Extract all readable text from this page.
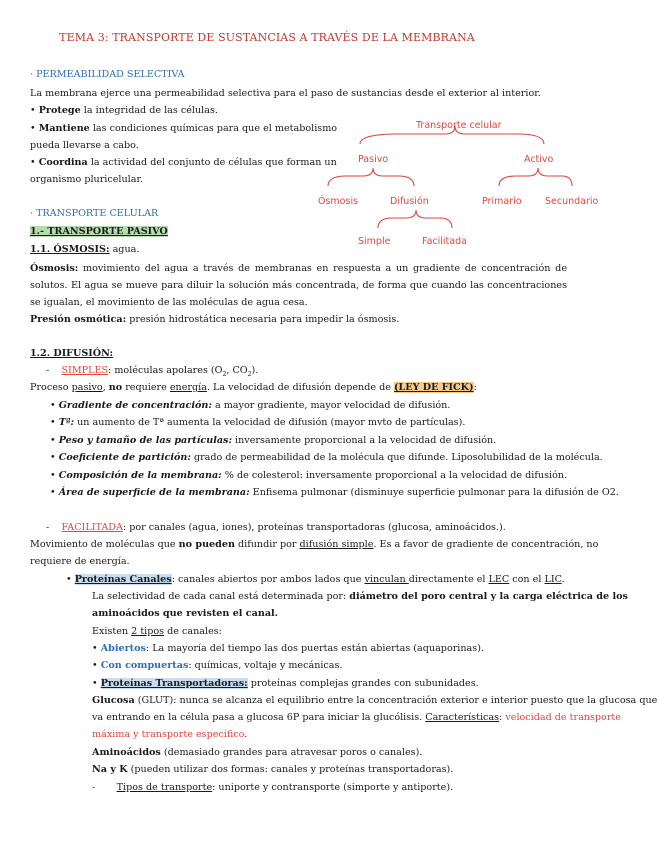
TEMA 3: TRANSPORTE DE SUSTANCIAS A TRAVÉS DE LA MEMBRANA
· PERMEABILIDAD SELECTIVA
La membrana ejerce una permeabilidad selectiva para el paso de sustancias desde el exterior al interior.
• Protege la integridad de las células.
• Mantiene las condiciones químicas para que el metabolismo
pueda llevarse a cabo.
• Coordina la actividad del conjunto de células que forman un
organismo pluricelular.
Transporte celular
Pasivo	Activo
Ósmosis	Difusión	Primario Secundario
Simple	Facilitada
· TRANSPORTE CELULAR
1.- TRANSPORTE PASIVO
1.1. ÓSMOSIS: agua.
Ósmosis: movimiento del agua a través de membranas en respuesta a un gradiente de concentración de solutos. El agua se mueve para diluir la solución más concentrada, de forma que cuando las concentraciones se igualan, el movimiento de las moléculas de agua cesa.
Presión osmótica: presión hidrostática necesaria para impedir la ósmosis.
1.2. DIFUSIÓN:
-    SIMPLES: moléculas apolares ($O_2$, $CO_2$).
Proceso pasivo, no requiere energía. La velocidad de difusión depende de (LEY DE FICK):
• Gradiente de concentración: a mayor gradiente, mayor velocidad de difusión.
• Tª: un aumento de Tª aumenta la velocidad de difusión (mayor mvto de partículas).
• Peso y tamaño de las partículas: inversamente proporcional a la velocidad de difusión.
• Coeficiente de partición: grado de permeabilidad de la molécula que difunde. Liposolubilidad de la molécula.
• Composición de la membrana: % de colesterol: inversamente proporcional a la velocidad de difusión.
• Área de superficie de la membrana: Enfisema pulmonar (disminuye superficie pulmonar para la difusión de O2.
-    FACILITADA: por canales (agua, iones), proteínas transportadoras (glucosa, aminoácidos.).
Movimiento de moléculas que no pueden difundir por difusión simple. Es a favor de gradiente de concentración, no
requiere de energía.
• Proteínas Canales: canales abiertos por ambos lados que vinculan directamente el LEC con el LIC.
La selectividad de cada canal está determinada por: diámetro del poro central y la carga eléctrica de los
aminoácidos que revisten el canal.
Existen 2 tipos de canales:
• Abiertos: La mayoría del tiempo las dos puertas están abiertas (aquaporinas).
• Con compuertas: químicas, voltaje y mecánicas.
• Proteínas Transportadoras: proteínas complejas grandes con subunidades.
Glucosa (GLUT): nunca se alcanza el equilibrio entre la concentración exterior e interior puesto que la glucosa que
va entrando en la célula pasa a glucosa 6P para iniciar la glucólisis. Características: velocidad de transporte
máxima y transporte específico.
Aminoácidos (demasiado grandes para atravesar poros o canales).
Na y K (pueden utilizar dos formas: canales y proteínas transportadoras).
- Tipos de transporte: uniporte y contransporte (simporte y antiporte).
